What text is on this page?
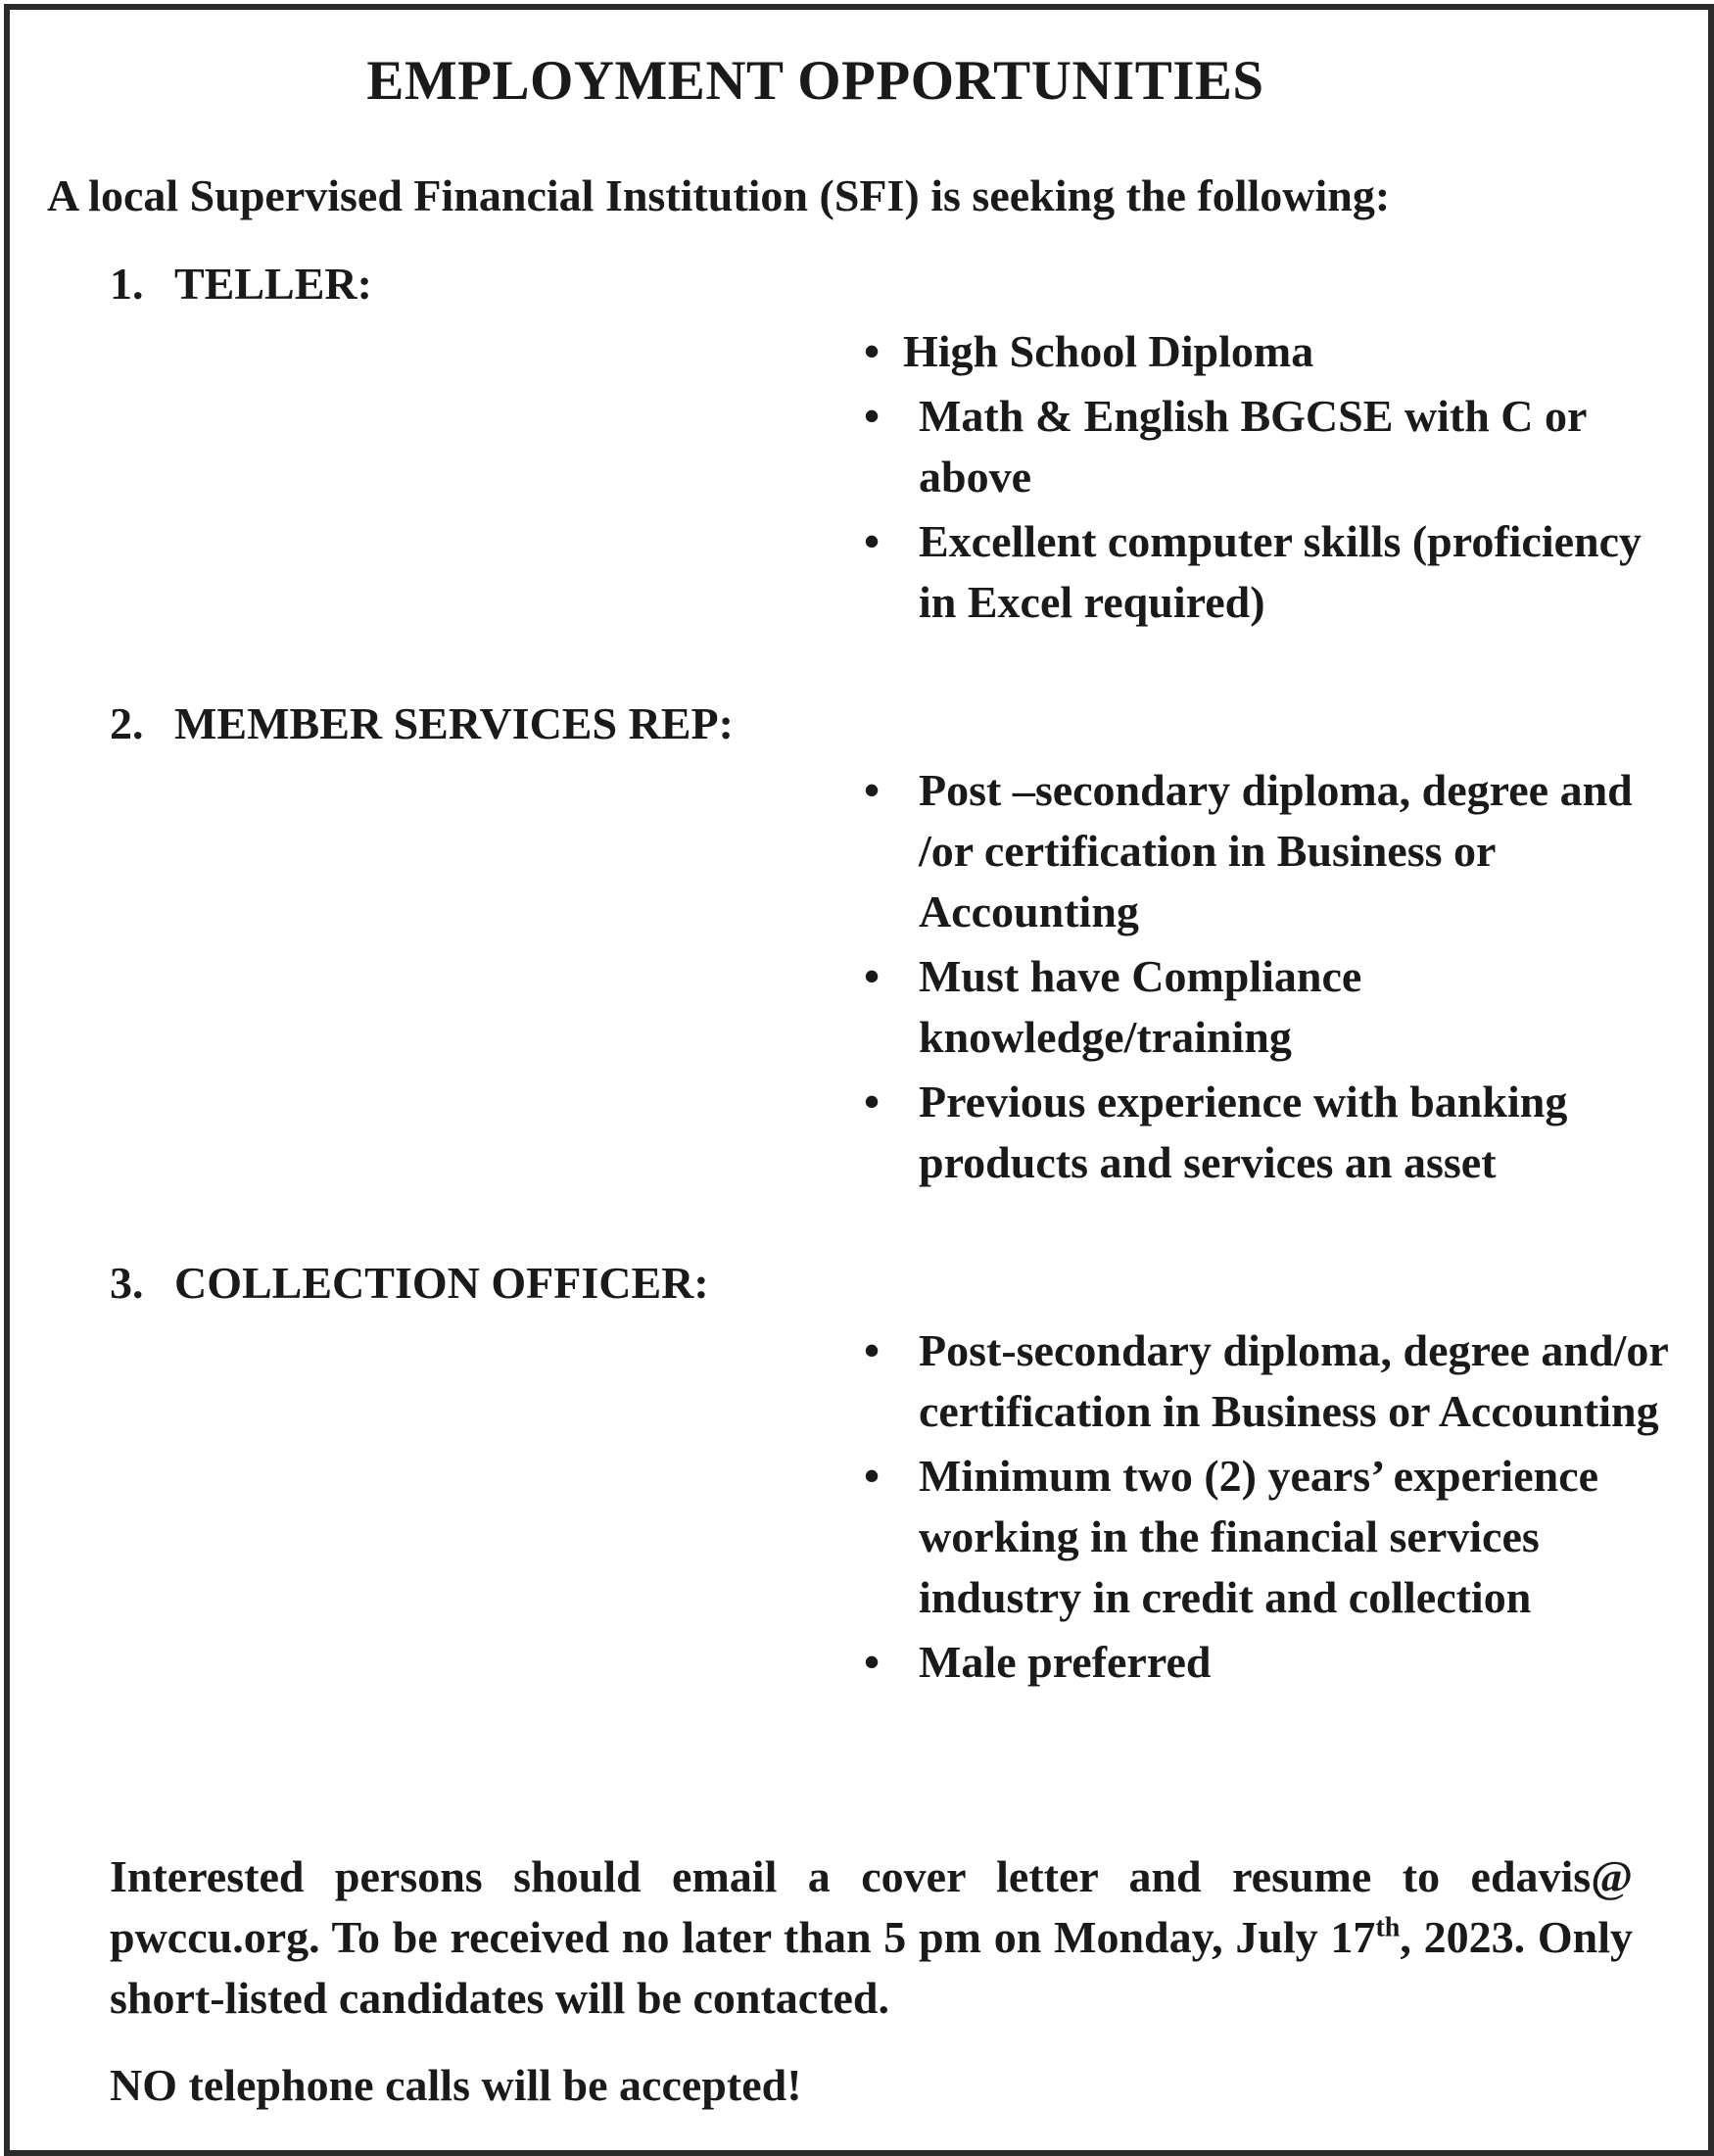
EMPLOYMENT OPPORTUNITIES
A local Supervised Financial Institution (SFI) is seeking the following:
1. TELLER:
• High School Diploma
• Math & English BGCSE with C or above
• Excellent computer skills (proficiency in Excel required)
2. MEMBER SERVICES REP:
• Post –secondary diploma, degree and /or certification in Business or Accounting
• Must have Compliance knowledge/training
• Previous experience with banking products and services an asset
3. COLLECTION OFFICER:
• Post-secondary diploma, degree and/or certification in Business or Accounting
• Minimum two (2) years’ experience working in the financial services industry in credit and collection
• Male preferred

Interested persons should email a cover letter and resume to edavis@ pwccu.org. To be received no later than 5 pm on Monday, July 17th, 2023. Only short-listed candidates will be contacted.

NO telephone calls will be accepted!
